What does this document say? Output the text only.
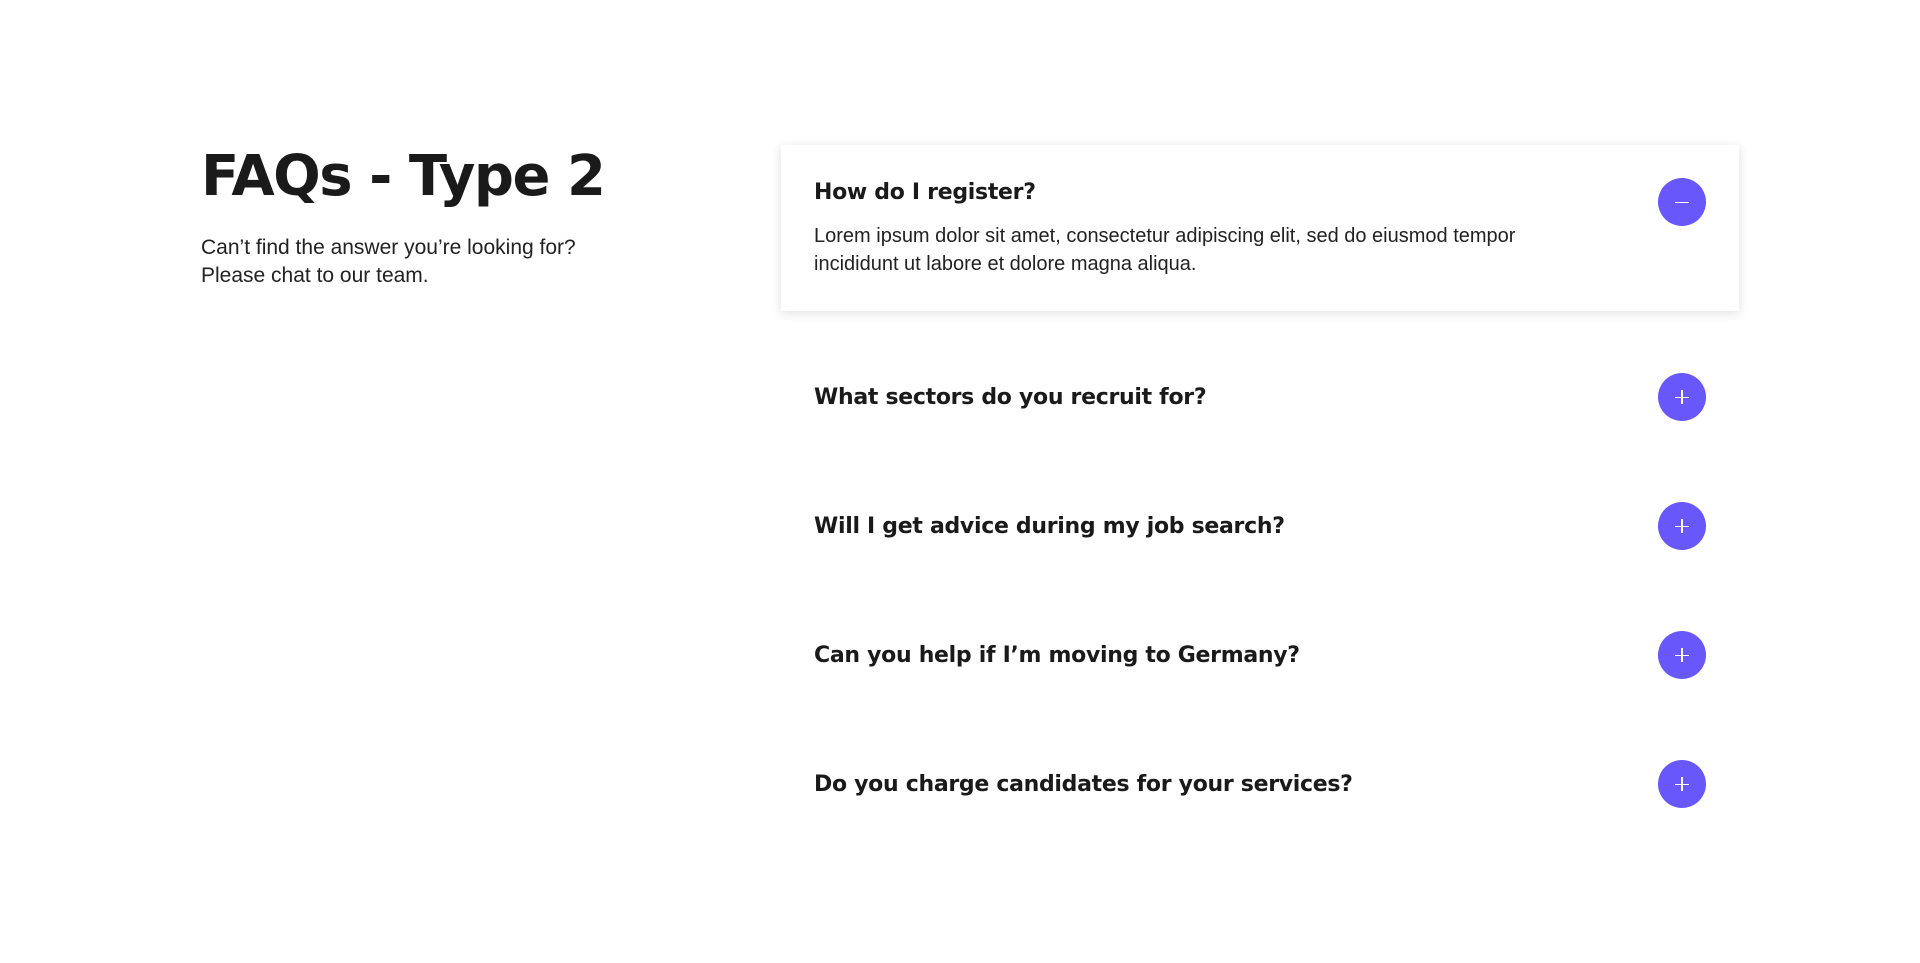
FAQs - Type 2

Can’t find the answer you’re looking for?
Please chat to our team.

How do I register?

Lorem ipsum dolor sit amet, consectetur adipiscing elit, sed do eiusmod tempor incididunt ut labore et dolore magna aliqua.

What sectors do you recruit for?
Will I get advice during my job search?
Can you help if I’m moving to Germany?
Do you charge candidates for your services?
